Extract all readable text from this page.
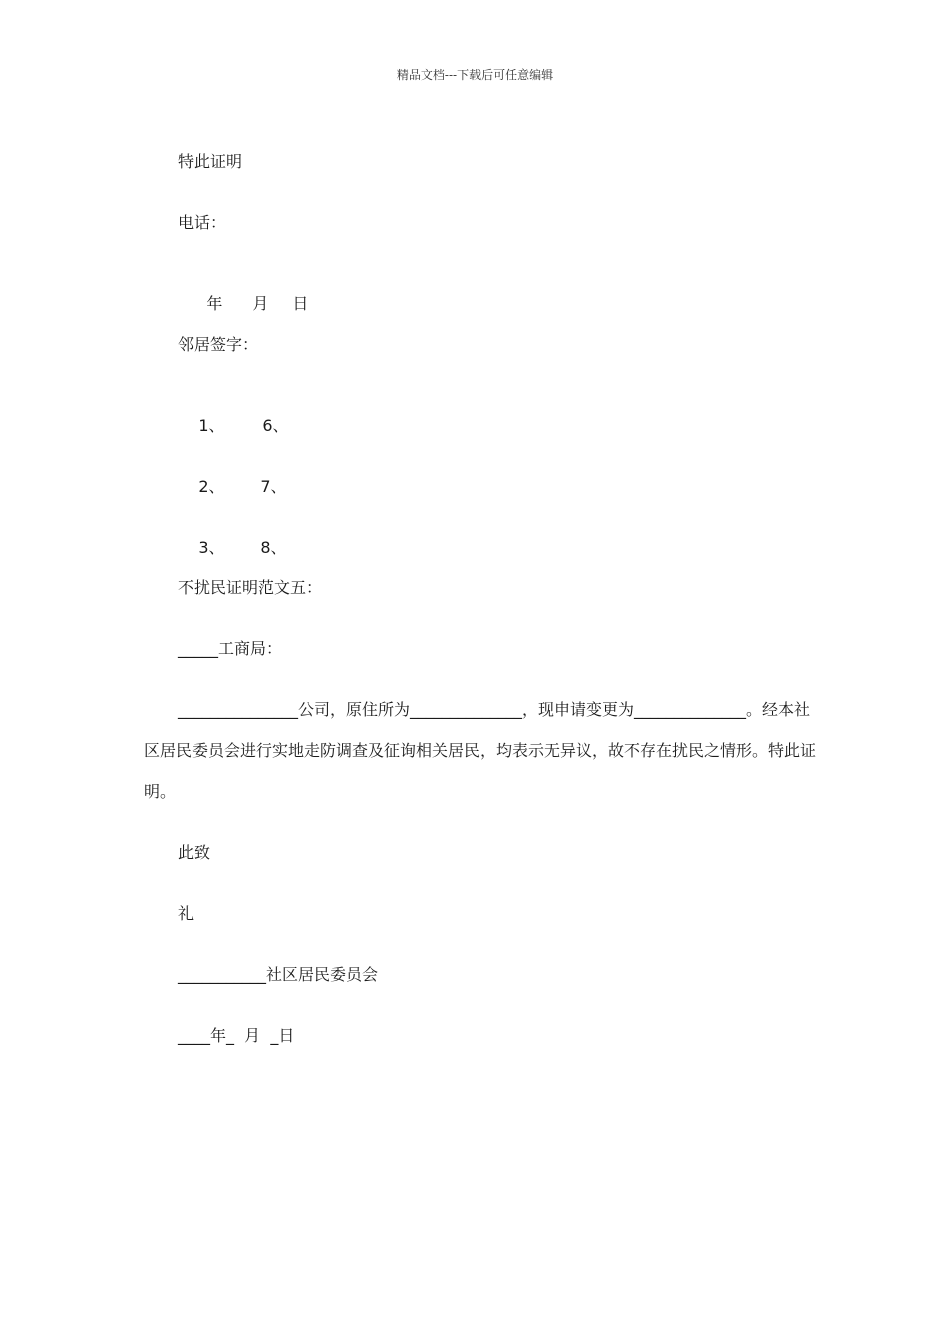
精品文档---下载后可任意编辑
特此证明
电话：

年 月 日

邻居签字：

1、
	6、

2、
	7、

3、
	8、

不扰民证明范文五：
_____工商局：
_______________公司，原住所为______________，现申请变更为______________。经本社区居民委员会进行实地走防调查及征询相关居民，均表示无异议，故不存在扰民之情形。特此证明。
此致
礼
___________社区居民委员会
____年_  月  _日
